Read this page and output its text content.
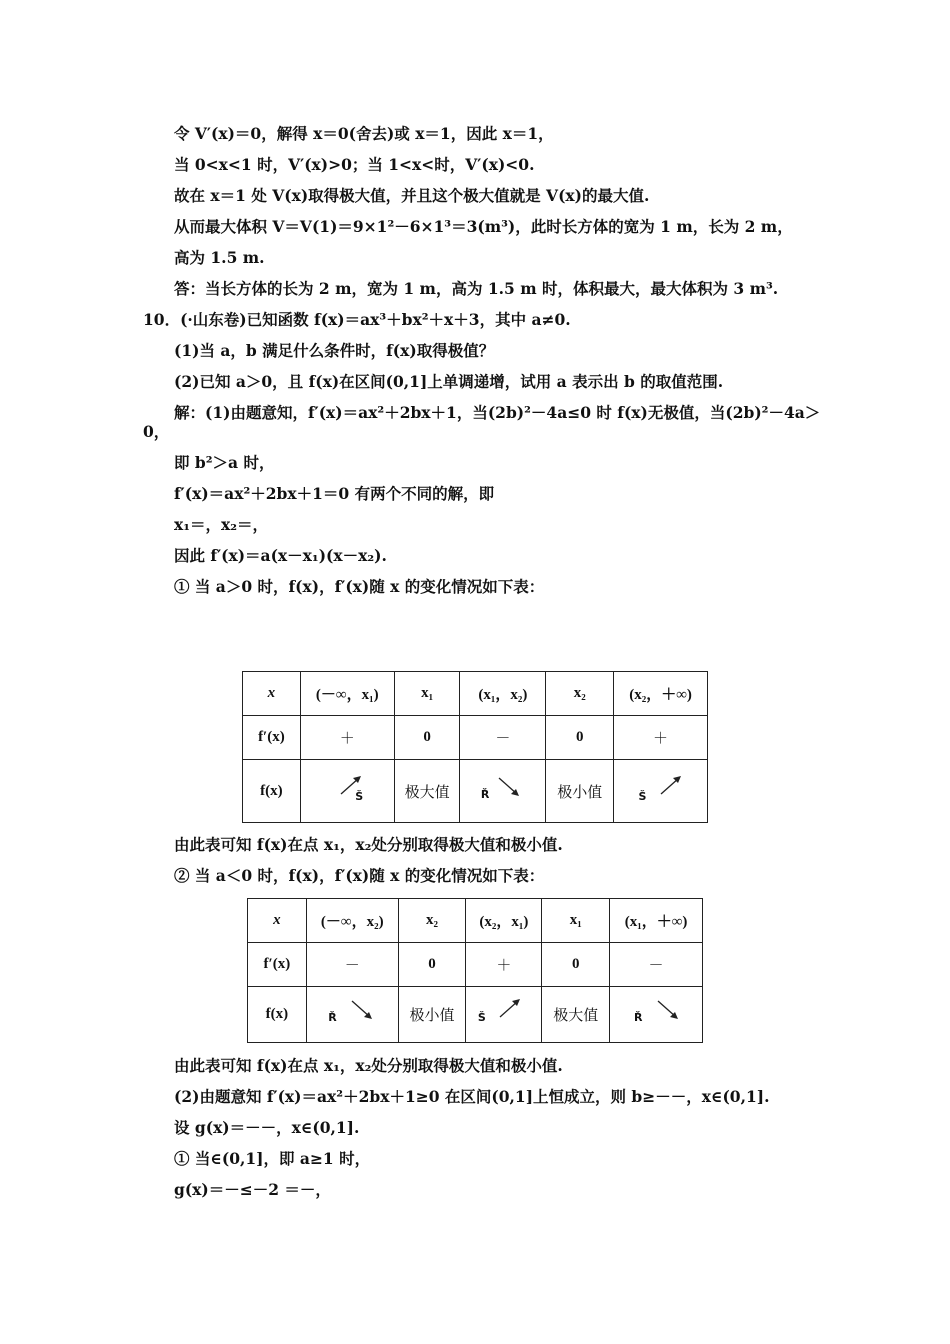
令 V′(x)＝0，解得 x＝0(舍去)或 x＝1，因此 x＝1，
当 0<x<1 时，V′(x)>0；当 1<x<时，V′(x)<0.
故在 x＝1 处 V(x)取得极大值，并且这个极大值就是 V(x)的最大值.
从而最大体积 V＝V(1)＝9×1²－6×1³＝3(m³)，此时长方体的宽为 1 m，长为 2 m，
高为 1.5 m.
答：当长方体的长为 2 m，宽为 1 m，高为 1.5 m 时，体积最大，最大体积为 3 m³.
10．(·山东卷)已知函数 f(x)＝ax³＋bx²＋x＋3，其中 a≠0.
(1)当 a，b 满足什么条件时，f(x)取得极值？
(2)已知 a＞0，且 f(x)在区间(0,1]上单调递增，试用 a 表示出 b 的取值范围.
解：(1)由题意知，f′(x)＝ax²＋2bx＋1，当(2b)²－4a≤0 时 f(x)无极值，当(2b)²－4a＞
0，
即 b²＞a 时，
f′(x)＝ax²＋2bx＋1＝0 有两个不同的解，即
x₁＝，x₂＝，
因此 f′(x)＝a(x－x₁)(x－x₂).
① 当 a＞0 时，f(x)，f′(x)随 x 的变化情况如下表：
x	(－∞，x₁)	x₁	(x₁，x₂)	x₂	(x₂，＋∞)
f′(x)	＋	0	－	0	＋
f(x)	Š	极大值	Ř	极小值	Š
由此表可知 f(x)在点 x₁，x₂处分别取得极大值和极小值.
② 当 a＜0 时，f(x)，f′(x)随 x 的变化情况如下表：
x	(－∞，x₂)	x₂	(x₂，x₁)	x₁	(x₁，＋∞)
f′(x)	－	0	＋	0	－
f(x)	Ř	极小值	Š	极大值	Ř
由此表可知 f(x)在点 x₁，x₂处分别取得极大值和极小值.
(2)由题意知 f′(x)＝ax²＋2bx＋1≥0 在区间(0,1]上恒成立，则 b≥－－，x∈(0,1].
设 g(x)＝－－，x∈(0,1].
① 当∈(0,1]，即 a≥1 时，
g(x)＝－≤－2 ＝－，
